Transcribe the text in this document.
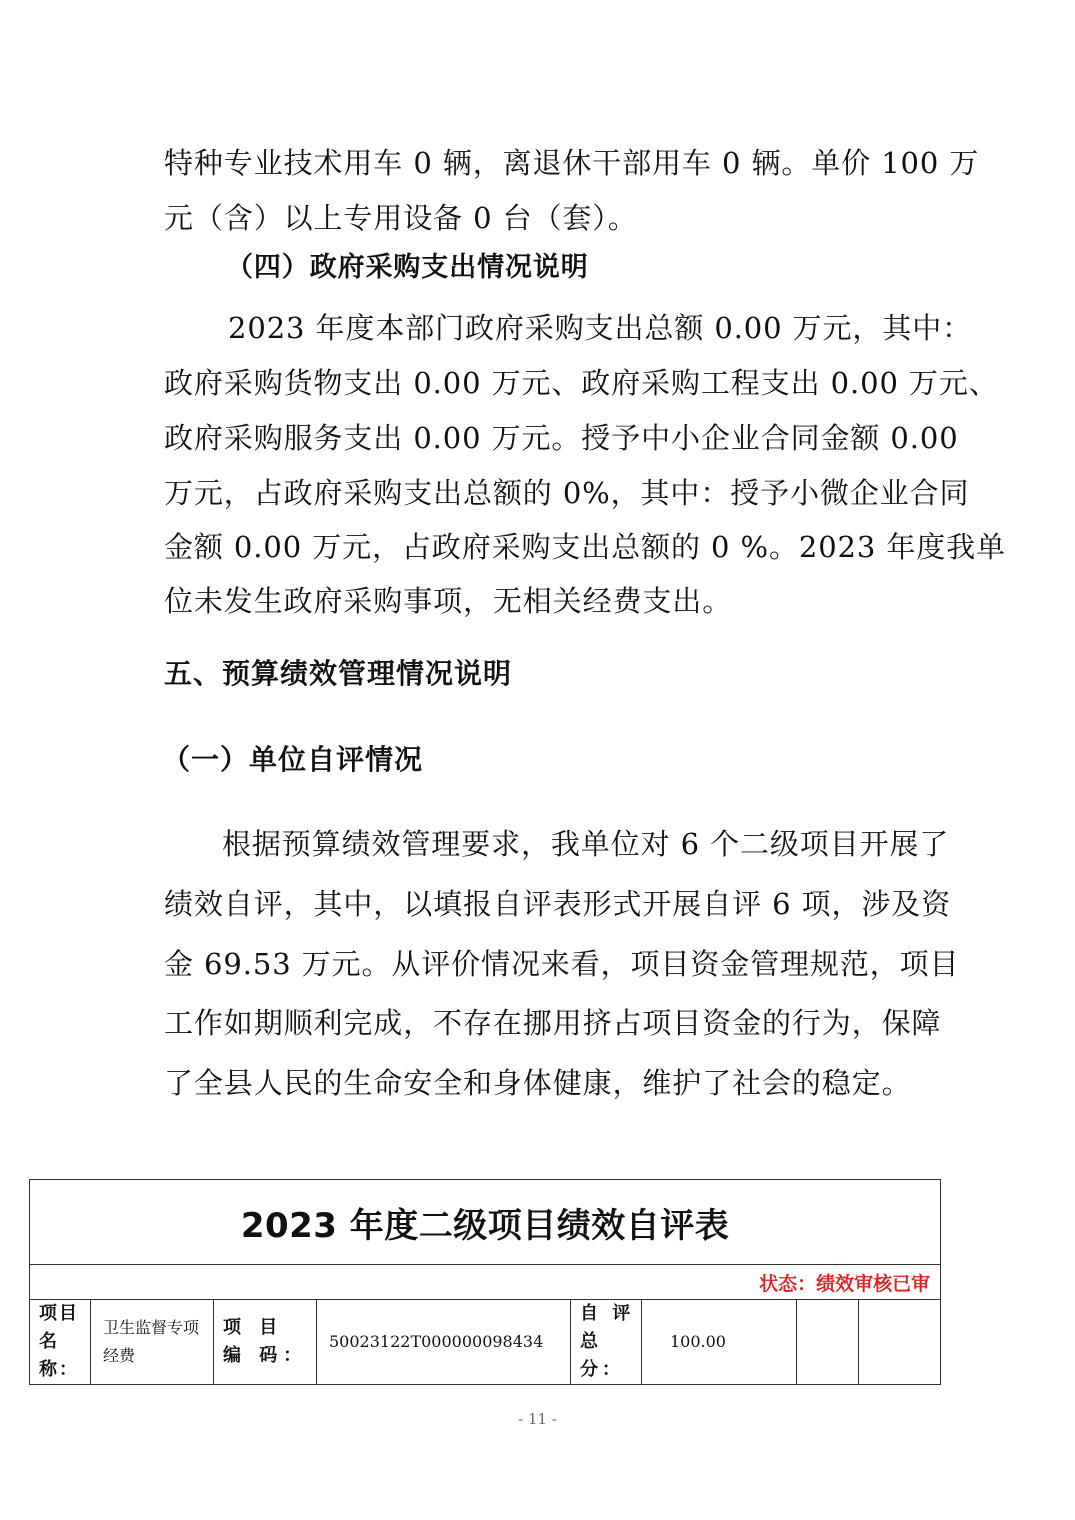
特种专业技术用车 0 辆，离退休干部用车 0 辆。单价 100 万

元（含）以上专用设备 0 台（套）。

（四）政府采购支出情况说明

2023 年度本部门政府采购支出总额 0.00 万元，其中：

政府采购货物支出 0.00 万元、政府采购工程支出 0.00 万元、

政府采购服务支出 0.00 万元。授予中小企业合同金额 0.00

万元，占政府采购支出总额的 0%，其中：授予小微企业合同

金额 0.00 万元，占政府采购支出总额的 0 %。2023 年度我单

位未发生政府采购事项，无相关经费支出。

五、预算绩效管理情况说明

（一）单位自评情况

根据预算绩效管理要求，我单位对 6 个二级项目开展了

绩效自评，其中，以填报自评表形式开展自评 6 项，涉及资

金 69.53 万元。从评价情况来看，项目资金管理规范，项目

工作如期顺利完成，不存在挪用挤占项目资金的行为，保障

了全县人民的生命安全和身体健康，维护了社会的稳定。

2023 年度二级项目绩效自评表
状态：绩效审核已审
项目名称：	卫生监督专项经费	项 目 编 码：	50023122T000000098434	自 评 总分：	100.00		
- 11 -
